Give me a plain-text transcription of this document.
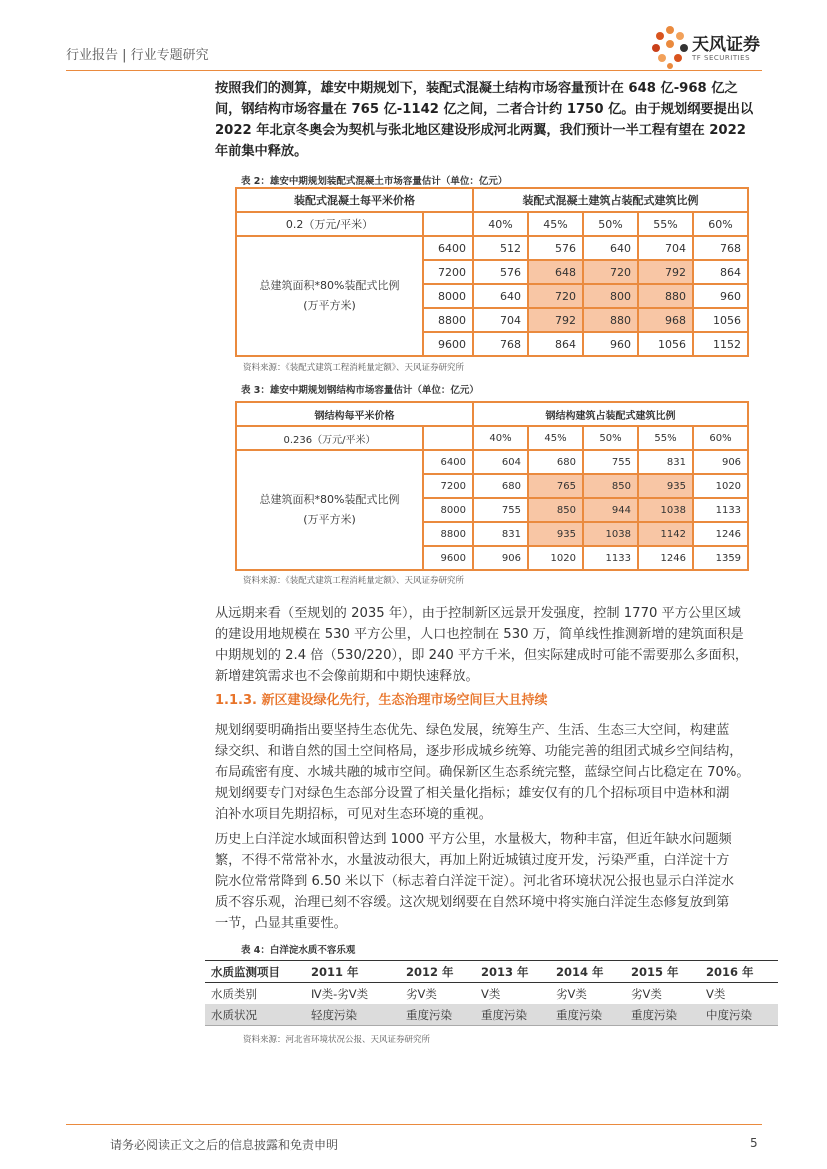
行业报告 | 行业专题研究
天风证券
TF SECURITIES
按照我们的测算，雄安中期规划下，装配式混凝土结构市场容量预计在 648 亿-968 亿之
间，钢结构市场容量在 765 亿-1142 亿之间，二者合计约 1750 亿。由于规划纲要提出以
2022 年北京冬奥会为契机与张北地区建设形成河北两翼，我们预计一半工程有望在 2022
年前集中释放。
表 2：雄安中期规划装配式混凝土市场容量估计（单位：亿元）
装配式混凝土每平米价格		装配式混凝土建筑占装配式建筑比例				
0.2（万元/平米）		40%	45%	50%	55%	60%
总建筑面积*80%装配式比例(万平方米)	6400	512	576	640	704	768
	7200	576	648	720	792	864
	8000	640	720	800	880	960
	8800	704	792	880	968	1056
	9600	768	864	960	1056	1152
资料来源：《装配式建筑工程消耗量定额》、天风证券研究所
表 3：雄安中期规划钢结构市场容量估计（单位：亿元）
钢结构每平米价格		钢结构建筑占装配式建筑比例				
0.236（万元/平米）		40%	45%	50%	55%	60%
总建筑面积*80%装配式比例(万平方米)	6400	604	680	755	831	906
	7200	680	765	850	935	1020
	8000	755	850	944	1038	1133
	8800	831	935	1038	1142	1246
	9600	906	1020	1133	1246	1359
资料来源：《装配式建筑工程消耗量定额》、天风证券研究所
从远期来看（至规划的 2035 年），由于控制新区远景开发强度，控制 1770 平方公里区域
的建设用地规模在 530 平方公里，人口也控制在 530 万，简单线性推测新增的建筑面积是
中期规划的 2.4 倍（530/220），即 240 平方千米，但实际建成时可能不需要那么多面积，
新增建筑需求也不会像前期和中期快速释放。
1.1.3. 新区建设绿化先行，生态治理市场空间巨大且持续
规划纲要明确指出要坚持生态优先、绿色发展，统筹生产、生活、生态三大空间，构建蓝
绿交织、和谐自然的国土空间格局，逐步形成城乡统筹、功能完善的组团式城乡空间结构，
布局疏密有度、水城共融的城市空间。确保新区生态系统完整，蓝绿空间占比稳定在 70%。
规划纲要专门对绿色生态部分设置了相关量化指标；雄安仅有的几个招标项目中造林和湖
泊补水项目先期招标，可见对生态环境的重视。
历史上白洋淀水域面积曾达到 1000 平方公里，水量极大，物种丰富，但近年缺水问题频
繁，不得不常常补水，水量波动很大，再加上附近城镇过度开发，污染严重，白洋淀十方
院水位常常降到 6.50 米以下（标志着白洋淀干淀）。河北省环境状况公报也显示白洋淀水
质不容乐观，治理已刻不容缓。这次规划纲要在自然环境中将实施白洋淀生态修复放到第
一节，凸显其重要性。
表 4：白洋淀水质不容乐观
水质监测项目	2011 年	2012 年	2013 年	2014 年	2015 年	2016 年
水质类别	Ⅳ类-劣Ⅴ类	劣Ⅴ类	Ⅴ类	劣Ⅴ类	劣Ⅴ类	Ⅴ类
水质状况	轻度污染	重度污染	重度污染	重度污染	重度污染	中度污染
资料来源：河北省环境状况公报、天风证券研究所
请务必阅读正文之后的信息披露和免责申明	5
